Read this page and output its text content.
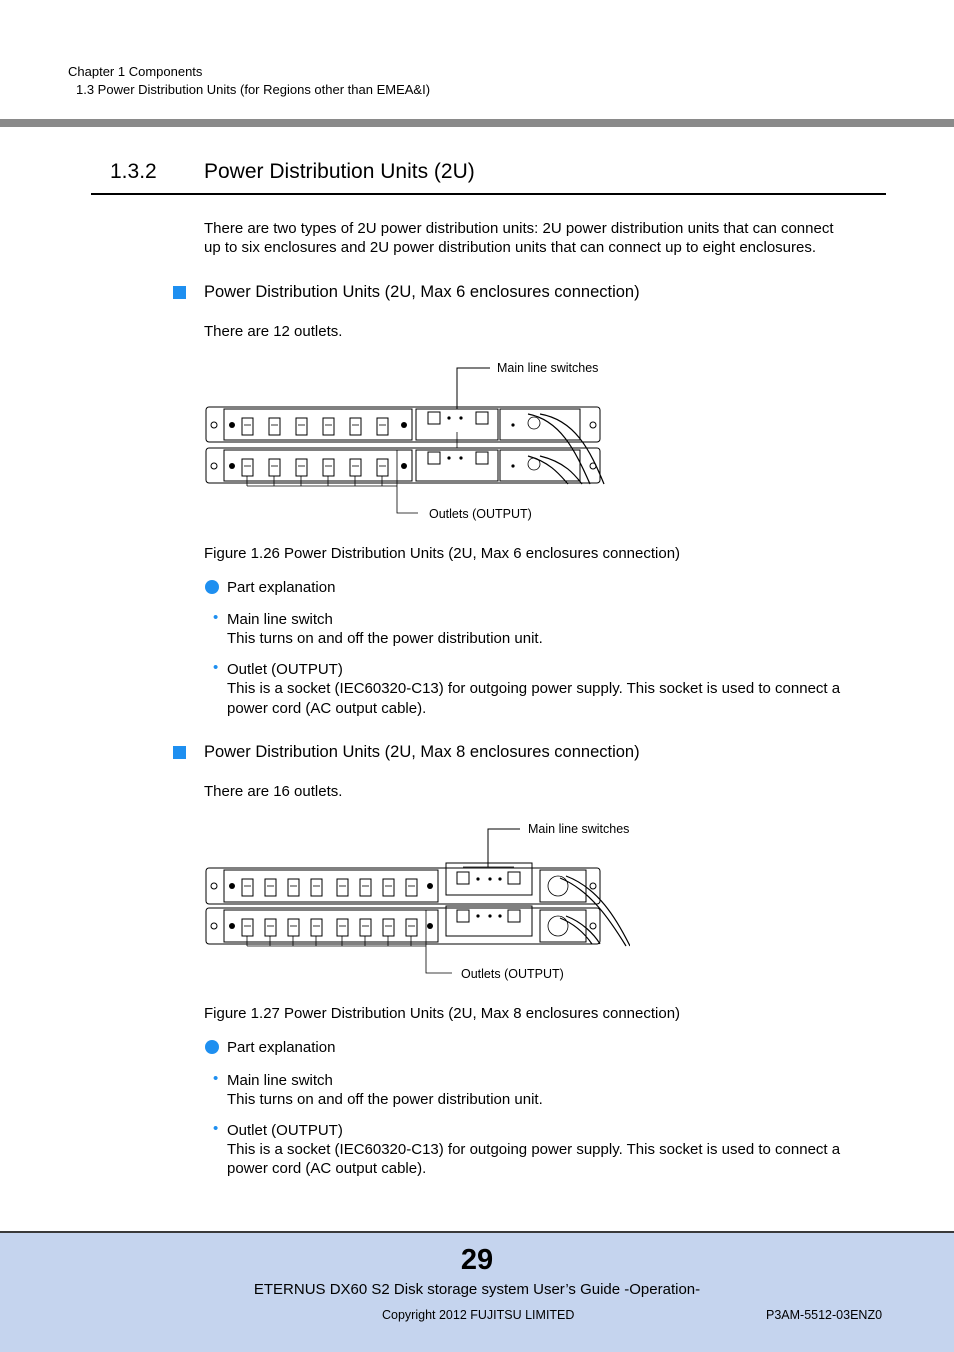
Chapter 1 Components
1.3 Power Distribution Units (for Regions other than EMEA&I)
1.3.2 Power Distribution Units (2U)
There are two types of 2U power distribution units: 2U power distribution units that can connect
up to six enclosures and 2U power distribution units that can connect up to eight enclosures.
Power Distribution Units (2U, Max 6 enclosures connection)
There are 12 outlets.
Main line switches
Outlets (OUTPUT)
Figure 1.26 Power Distribution Units (2U, Max 6 enclosures connection)
Part explanation
• Main line switch
This turns on and off the power distribution unit.
• Outlet (OUTPUT)
This is a socket (IEC60320-C13) for outgoing power supply. This socket is used to connect a
power cord (AC output cable).
Power Distribution Units (2U, Max 8 enclosures connection)
There are 16 outlets.
Main line switches
Outlets (OUTPUT)
Figure 1.27 Power Distribution Units (2U, Max 8 enclosures connection)
Part explanation
• Main line switch
This turns on and off the power distribution unit.
• Outlet (OUTPUT)
This is a socket (IEC60320-C13) for outgoing power supply. This socket is used to connect a
power cord (AC output cable).
29
ETERNUS DX60 S2 Disk storage system User’s Guide -Operation-
Copyright 2012 FUJITSU LIMITED	P3AM-5512-03ENZ0
